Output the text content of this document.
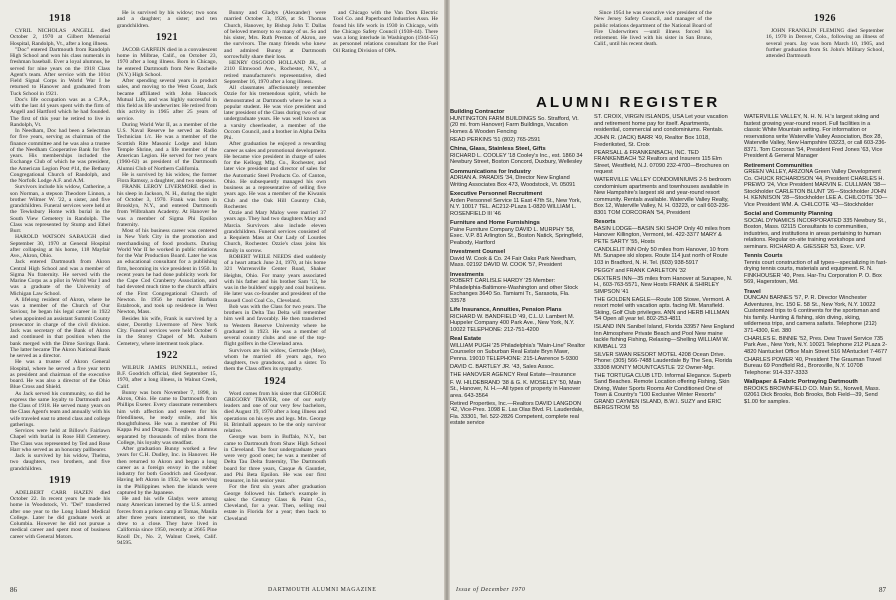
1918

CYRIL NICHOLAS ANGELL died October 2, 1970 at Gilbert Memorial Hospital, Randolph, Vt., after a long illness.

"Doc" entered Dartmouth from Randolph High School and won his class numerals in freshman baseball. Ever a loyal alumnus, he served for nine years on the 1918 Class Agent's team. After service with the 101st Field Signal Corps in World War I he returned to Hanover and graduated from Tuck School in 1921.

Doc's life occupation was as a C.P.A., with the last 44 years spent with the firm of Angell and Hartford which he had founded. The first of this year he retired to live in Randolph, Vt.

In Needham, Doc had been a Selectman for five years, serving as chairman of the finance committee and he was also a trustee of the Needham Cooperative Bank for five years. His memberships included the Exchange Club of which he was president, the American Legion Post #14, the Bethany Congregational Church of Randolph, and the Norfolk Lodge A.F. and A.M.

Survivors include his widow, Catherine, a son Norman, a stepson Theodore Linnon, a brother Wilmer W. '22, a sister, and five grandchildren. Funeral services were held at the Tewksbury Home with burial in the South View Cemetery in Randolph. The Class was represented by Stump and Ethel Burr.

HAROLD WATSON SABAUGH died September 30, 1970 at General Hospital after collapsing at his home, 118 Mayfair Ave., Akron, Ohio.

Jack entered Dartmouth from Akron Central High School and was a member of Sigma Nu fraternity. He served with the Marine Corps as a pilot in World War I and was a graduate of the University of Michigan Law School.

A lifelong resident of Akron, where he was a member of the Church of Our Saviour, he began his legal career in 1922 when appointed an assistant Summit County prosecutor in charge of the civil division. Jack was secretary of the Bank of Akron and continued in that position when the bank merged with the Dime Savings Bank. The latter became The Akron National Bank he served as a director.

He was a trustee of Akron General Hospital, where he served a five year term as president and chairman of the executive board. He was also a director of the Ohio Blue Cross and Shield.

As Jack served his community, so did he express the same loyalty to Dartmouth and the Class of 1918. He served many years on the Class Agent's team and annually with his wife traveled east to attend class and college gatherings.

Services were held at Billow's Fairlawn Chapel with burial in Rose Hill Cemetery. The Class was represented by Ted and Rose Harr who served as an honorary pallbearer.

Jack is survived by his widow, Thelma, two daughters, two brothers, and five grandchildren.

1919

ADELBERT CARR HAZEN died October 22. In recent years he made his home in Woodstock, Vt. "Del" transferred after one year to the Long Island Medical College. Later he did graduate work at Columbia. However he did not pursue a medical career and spent most of business career with General Motors.

He is survived by his widow; two sons and a daughter; a sister; and ten grandchildren.

1921

JACOB GARFEIN died in a convalescent home in Milbrae, Calif., on October 23, 1970 after a long illness. Born in Chicago, he entered Dartmouth from New Rochelle (N.Y.) High School.

After spending several years in product sales, and moving to the West Coast, Jack became affiliated with John Hancock Mutual Life, and was highly successful in this field as life underwriter. He retired from this activity in 1965 after 25 years of service.

During World War II, as a member of the U.S. Naval Reserve he served as Radio Technician 1/c. He was a member of the Scottish Rite Masonic Lodge and Islam Temple Shrine, and a life member of the American Legion. He served for two years (1960-62) as president of the Dartmouth Alumni Club of Northern California.

He is survived by his widow, the former Flora Ramssy, a daughter, and two stepsons.

FRANK LEROY LIVERMORE died in his sleep in Jackson, N. H., during the night of October 3, 1970. Frank was born in Brooklyn, N.Y., and entered Dartmouth from Wilbraham Academy. At Hanover he was a member of Sigma Phi Epsilon fraternity.

Most of his business career was centered in New York City in the promotion and merchandising of food products. During World War II he worked in public relations for the War Production Board. Later he was an educational consultant for a publishing firm, becoming its vice president in 1950. In recent years he had done publicity work for the Cape Cod Cranberry Association, and had devoted much time to the church affairs of the First Congregational Church of Newton. In 1956 he married Barbara Estabrook, and took up residence in West Newton, Mass.

Besides his wife, Frank is survived by a sister, Dorothy Livermore of New York City. Funeral services were held October 6 in the Storey Chapel of Mt. Auburn Cemetery, where interment took place.

1922

WILBUR JAMES BUNNELL, retired B.F. Goodrich official, died September 15, 1970, after a long illness, in Walnut Creek, Calif.

Bunny was born November 7, 1898, in Akron, Ohio. He came to Dartmouth from Phillips Exeter. Every classmate remembers him with affection and esteem for his friendliness, he ready smile, and his thoughtfulness. He was a member of Phi Kappa Psi and Dragon. Though no alumnus separated by thousands of miles from the College, his loyalty was steadfast.

After graduation Bunny worked a few years for C.H. Dudley, Inc. in Hanover. He then returned to Akron and began a long career as a foreign envoy in the rubber industry for both Goodrich and Goodyear. Having left Akron in 1932, he was serving in the Philippines when the islands were captured by the Japanese.

He and his wife Gladys were among many American interned by the U.S. armed forces from a prison camp at Tomas, Manila after three years internment, so the war drew to a close. They have lived in California since 1950, recently at 2665 Pine Knoll Dr., No. 2, Walnut Creek, Calif. 94595.

Bunny and Gladys (Alexander) were married October 3, 1926, at St. Thomas Church, Hanover, by Bishop John T. Dallas of beloved memory to so many of us. So and his sister, Mrs. Ruth Preston of Akron, are the survivors. The many friends who knew and admired Bunny at Dartmouth sorrowfully share their loss.

HENRY OSGOOD HOLLAND JR., of 2110 Elmwood Ave., Rochester, N.Y., a retired manufacturer's representative, died September 16, 1970 after a long illness.

All classmates affectionately remember Ozzie for his tremendous spirit, which he demonstrated at Dartmouth where he was a popular student. He was vice president and later president of the Class during two of our undergraduate years. He was well known as a varsity cheerleader, a member of the Occom Council, and a brother in Alpha Delta Phi.

After graduation he enjoyed a rewarding career as sales and promotional development. He became vice president in charge of sales for the Kellogg Mfg. Co., Rochester, and later vice president and director of sales for the Automatic Steel Products Co. of Canton, Ohio. He subsequently managed his own business as a representative of selling five years ago. He was a member of the Kiwanis Club and the Oak Hill Country Club, Rochester.

Ozzie and Mary Maloy were married 37 years ago. They had two daughters Mary and Marcia. Survivors also include eleven grandchildren. Funeral services consisted of a Requiem Mass at Our Lady of Lourdes Church, Rochester. Ozzie's class joins his family in sorrow.

ROBERT WEILE NEEDS died suddenly of a heart attack June 24, 1970, at his home 321 Warrensville Center Road, Shaker Heights, Ohio. For many years associated with his father and his brother Sam '13, he was in the builders' supply and coal business. He later was co-founder and president of the Russell Cool Coal Co., Cleveland.

Bob was with the Class for two years. The brothers in Delta Tau Delta will remember him well and favorably. He then transferred to Western Reserve University where he graduated in 1923. He was a member of several country clubs and one of the top-flight golfers in the Cleveland area.

Survivors are his widow, Gertrude (Moe), whom he married 46 years ago, two daughters, two grandsons, and a sister. To them the Class offers its sympathy.

1924

Word comes from his sister that GEORGE GREGORY TRAVER, one of our early leaders and one of our very few bachelors, died August 19, 1970 after a long illness and operations on his eyes and legs. Mrs. George H. Brimhall appears to be the only survivor relative.

George was born in Buffalo, N.Y., but came to Dartmouth from Shaw High School in Cleveland. The four undergraduate years were very good ones; he was a member of Delta Tau Delta fraternity, The Dartmouth board for three years, Casque & Gauntlet, and Phi Beta Epsilon. He was our first treasurer, in his senior year.

For the first six years after graduation George followed his father's example in sales: the Century Glass & Paint Co., Cleveland, for a year. Then, selling real estate in Florida for a year; then back to Cleveland

and Chicago with the Van Dorn Electric Tool Co. and Paperboard Industries Assn. He found his life work in 1930 in Chicago, with the Chicago Safety Council (1938-44). There was a long interlude in Washington (1944-55) as personnel relations consultant for the Fuel Oil Rating Division of OPA.

86	DARTMOUTH ALUMNI MAGAZINE

Since 1954 he was executive vice president of the New Jersey Safety Council, and manager of the public relations department of the National Board of Fire Underwriters —until illness forced his retirement. He lived with his sister in San Bruno, Calif., until his recent death.

1926

JOHN FRANKLIN FLEMING died September 16, 1970 in Denver, Colo., following an illness of several years. Jay was born March 10, 1905, and further graduation from St. John's Military School, attended Dartmouth

ALUMNI REGISTER
Building Contractor
HUNTINGTON FARM BUILDINGS So. Strafford, Vt. (20 mi. from Hanover) Farm Buildings, Vacation Homes & Wooden Fencing
READ PERKINS '51 (802) 765-2591
China, Glass, Stainless Steel, Gifts
RICHARD L. COOLEY '18 Cooley's Inc., est. 1860 34 Newbury Street, Boston Concord, Duxbury, Wellesley
Communications for Industry
ADRIAN A. PARADIS '34, Director New England Writing Associates Box 473, Woodstock, Vt. 05091
Executive Personnel Recruitment
Arden Personnel Service 11 East 47th St., New York, N.Y. 10017 TEL. AC212-PLaza 1-0820 WILLIAM L. ROSENFIELD III '46
Furniture and Home Furnishings
Paine Furniture Company DAVID L. MURPHY '58, Exec. V.P. 81 Arlington St., Boston Natick, Springfield, Peabody, Hartford
Investment Counsel
David W. Cook & Co. 24 Fair Oaks Park Needham, Mass. 02192 DAVID W. COOK '57, President
Investments
ROBERT CARLISLE HARDY '25 Member: Philadelphia-Baltimore-Washington and other Stock Exchanges 3640 So. Tamiami Tr., Sarasota, Fla. 33578
Life Insurance, Annuities, Pension Plans
RICHARD W. BANDFIELD '49, C.L.U. Lambert M. Huppeler Company 400 Park Ave., New York, N.Y. 10022 TELEPHONE: 212-751-4200
Real Estate
WILLIAM PUGH '25 Philadelphia's "Main-Line" Realtor Counselor on Suburban Real Estate Bryn Mawr, Penna. 19010 TELEPHONE: 215-LAwrence 5-9300
DAVID C. BARTLEY JR. '43, Sales Assoc.
THE HANOVER AGENCY Real Estate—Insurance
F. W. HILDEBRAND '38 & G. K. MOSELEY '50, Main St., Hanover, N. H.—All types of property in Hanover area. 643-3564
Retired Properties, Inc.—Realtors DAVID LANGDON '42, Vice-Pres. 1098 E. Las Olas Blvd. Ft. Lauderdale, Fla. 33301, Tel. 522-2826 Competent, complete real estate service
ST. CROIX, VIRGIN ISLANDS, USA Let your vacation and retirement home pay for itself. Apartments, residential, commercial and condominiums. Rentals.
JOHN R. (JACK) BARR '49, Realtor Box 1018, Frederiksted, St. Croix
PEARSALL & FRANKENBACH, INC. TED FRANKENBACH '52 Realtors and Insurers 115 Elm Street, Westfield, N.J. 07090 232-4700—Brochures on request
WATERVILLE VALLEY CONDOMINIUMS 2-5 bedroom condominium apartments and townhouses available in New Hampshire's largest ski and year-round resort community. Rentals available. Waterville Valley Realty, Box 12, Waterville Valley, N. H. 03223, or call 603-236-8301 TOM CORCORAN '54, President
Resorts
BASIN LODGE—BASIN SKI SHOP Only 40 miles from Hanover Killington, Vermont, tel. 422-3377 MARY & PETE SARTY '55, Hosts
CANDLELIT INN Only 50 miles from Hanover, 10 from Mt. Sunapee ski slopes. Route 114 just north of Route 103 in Bradford, N. H. Tel. (603) 938-5917
PEGGY and FRANK CARLETON '32
DEXTERS INN—35 miles from Hanover at Sunapee, N. H., 603-763-5571, New Hosts FRANK & SHIRLEY SIMPSON '41
THE GOLDEN EAGLE—Route 108 Stowe, Vermont. A resort motel with vacation apts. facing Mt. Mansfield. Skiing, Golf Club privileges. ANN and HERB HILLMAN '54 Open all year tel. 802-253-4811
ISLAND INN Sanibel Island, Florida 33957 New England Inn Atmosphere Private Beach and Pool New maine tackle fishing Fishing, Relaxing—Shelling WILLIAM W. KIMBALL '23
SILVER SWAN RESORT MOTEL 4208 Ocean Drive. Phone: (305) 566-7488 Lauderdale By The Sea, Florida 33308 MONTY MOUNTCASTLE '22 Owner-Mgr.
THE TORTUGA CLUB LTD. Informal Elegance. Superb Sand Beaches. Remote Location offering Fishing, Skin Diving, Water Sports Rooms Air Conditioned One of Town & Country's "100 Exclusive Winter Resorts" GRAND CAYMEN ISLAND, B.W.I. SUZY and ERIC BERGSTROM '55
WATERVILLE VALLEY, N. H. N. H.'s largest skiing and fastest growing year-round resort. Full facilities in a classic White Mountain setting. For information or reservations write Waterville Valley Association, Box 28, Waterville Valley, New Hampshire 03223, or call 603-236-8371. Tom Corcoran '54, President Fred Jones '63, Vice President & General Manager
Retirement Communities
GREEN VALLEY, ARIZONA Green Valley Development Co. CHUCK RICHARDSON '44, President CHARLES H. PREWO '24, Vice President MARVIN E. CULLMAN '38—Stockholder CARLETON BLUNT '26—Stockholder JOHN H. KENNISON '28—Stockholder LEE A. CHILCOTE '30—Vice President WM. A. CHILCOTE '43—Stockholder
Social and Community Planning
SOCIAL DYNAMICS INCORPORATED 335 Newbury St., Boston, Mass. 02115 Consultants to communities, industries, and institutions in areas pertaining to human relations. Regular on-site training workshops and seminars. RICHARD A. GIESSER '53, Exec. V.P.
Tennis Courts
Tennis court construction of all types—specializing in fast-drying tennis courts, materials and equipment. R. N. FINKHOUSER '40, Pres. Har-Tru Corporation P. O. Box 569, Hagerstown, Md.
Travel
DUNCAN BARNES '57, P. R. Director Winchester Adventures, Inc. 150 E. 58 St., New York, N.Y. 10022 Customized trips to 6 continents for the sportsman and his family. Hunting & fishing, skin diving, skiing, wilderness trips, and camera safaris. Telephone (212) 371-4300, Ext. 380
CHARLES E. BINNIE '52, Pres. Dew Travel Service 735 Park Ave., New York, N.Y. 10021 Telephone 212 PLaza 2-4820 Nantucket Office Main Street 516 MAntucket 7-4677
CHARLES POWER '40, President The Grauman Travel Bureau 69 Pondfield Rd., Bronxville, N.Y. 10708 Telephone: 914-337-3333
Wallpaper & Fabric Portraying Dartmouth
BROOKS BROWNFIELD CO. Main St., Norwell, Mass. 02061 Dick Brooks, Bob Brooks, Bob Field—39, Send $1.00 for samples.
Issue of December 1970	87
